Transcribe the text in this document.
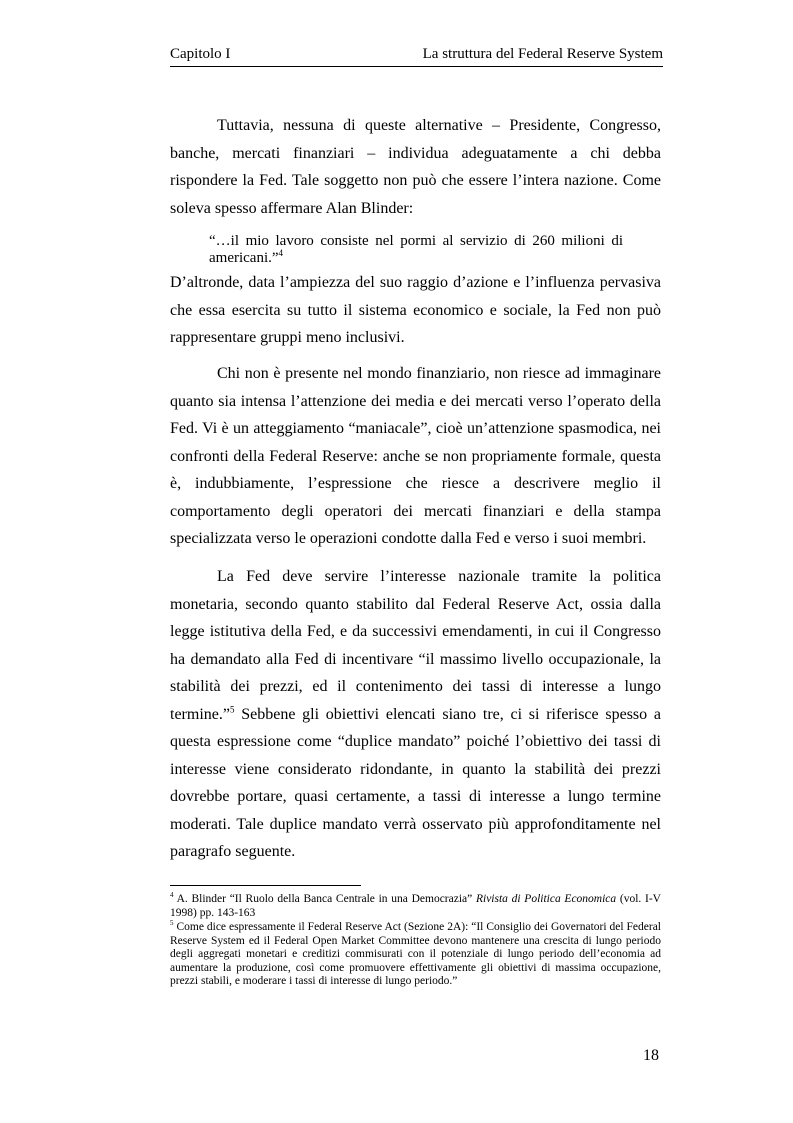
Capitolo I	La struttura del Federal Reserve System

Tuttavia, nessuna di queste alternative – Presidente, Congresso, banche, mercati finanziari – individua adeguatamente a chi debba rispondere la Fed. Tale soggetto non può che essere l’intera nazione. Come soleva spesso affermare Alan Blinder:

“…il mio lavoro consiste nel pormi al servizio di 260 milioni di americani.”$^4$

D’altronde, data l’ampiezza del suo raggio d’azione e l’influenza pervasiva che essa esercita su tutto il sistema economico e sociale, la Fed non può rappresentare gruppi meno inclusivi.

Chi non è presente nel mondo finanziario, non riesce ad immaginare quanto sia intensa l’attenzione dei media e dei mercati verso l’operato della Fed. Vi è un atteggiamento “maniacale”, cioè un’attenzione spasmodica, nei confronti della Federal Reserve: anche se non propriamente formale, questa è, indubbiamente, l’espressione che riesce a descrivere meglio il comportamento degli operatori dei mercati finanziari e della stampa specializzata verso le operazioni condotte dalla Fed e verso i suoi membri.

La Fed deve servire l’interesse nazionale tramite la politica monetaria, secondo quanto stabilito dal Federal Reserve Act, ossia dalla legge istitutiva della Fed, e da successivi emendamenti, in cui il Congresso ha demandato alla Fed di incentivare “il massimo livello occupazionale, la stabilità dei prezzi, ed il contenimento dei tassi di interesse a lungo termine.”$^5$ Sebbene gli obiettivi elencati siano tre, ci si riferisce spesso a questa espressione come “duplice mandato” poiché l’obiettivo dei tassi di interesse viene considerato ridondante, in quanto la stabilità dei prezzi dovrebbe portare, quasi certamente, a tassi di interesse a lungo termine moderati. Tale duplice mandato verrà osservato più approfonditamente nel paragrafo seguente.

$^4$ A. Blinder “Il Ruolo della Banca Centrale in una Democrazia” Rivista di Politica Economica (vol. I-V 1998) pp. 143-163

$^5$ Come dice espressamente il Federal Reserve Act (Sezione 2A): “Il Consiglio dei Governatori del Federal Reserve System ed il Federal Open Market Committee devono mantenere una crescita di lungo periodo degli aggregati monetari e creditizi commisurati con il potenziale di lungo periodo dell’economia ad aumentare la produzione, così come promuovere effettivamente gli obiettivi di massima occupazione, prezzi stabili, e moderare i tassi di interesse di lungo periodo.”

18
